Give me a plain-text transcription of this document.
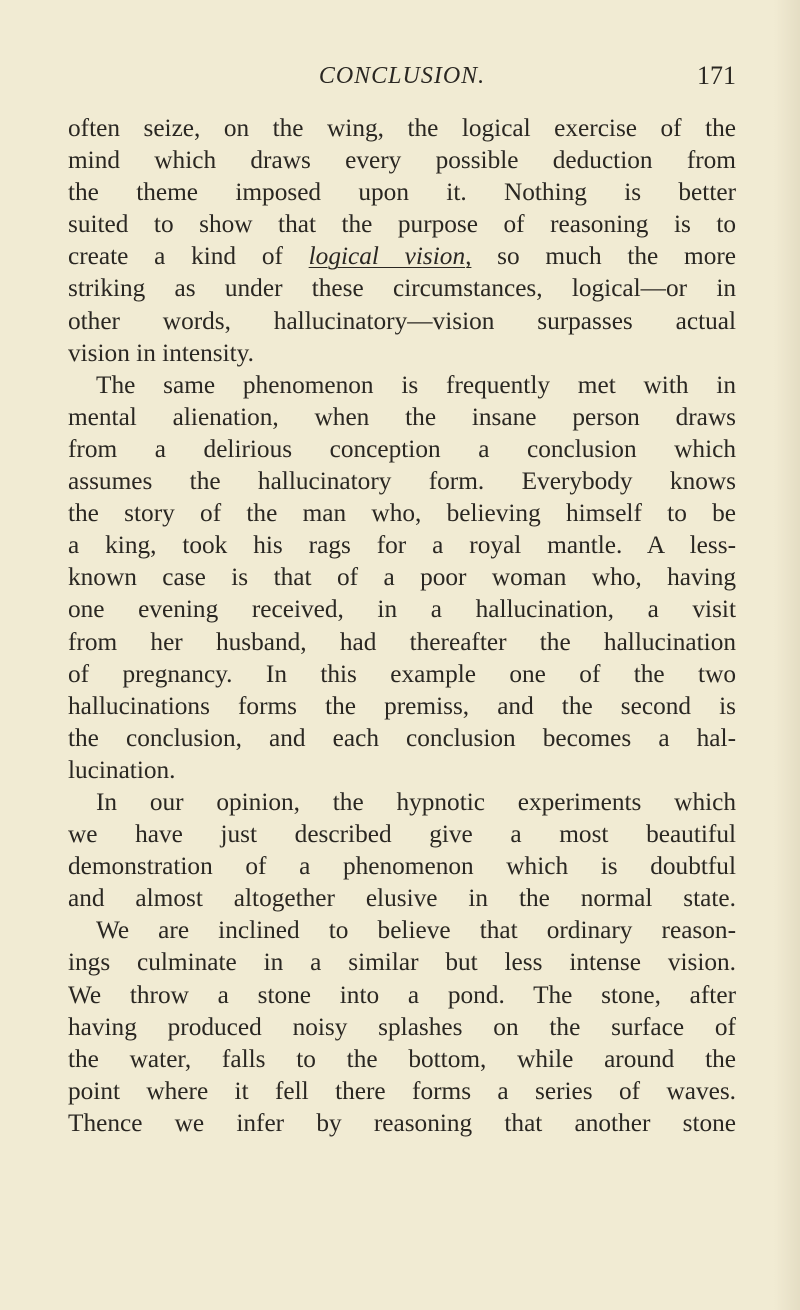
CONCLUSION.	171
often seize, on the wing, the logical exercise of the
mind which draws every possible deduction from
the theme imposed upon it. Nothing is better
suited to show that the purpose of reasoning is to
create a kind of logical vision, so much the more
striking as under these circumstances, logical—or in
other words, hallucinatory—vision surpasses actual
vision in intensity.
The same phenomenon is frequently met with in
mental alienation, when the insane person draws
from a delirious conception a conclusion which
assumes the hallucinatory form. Everybody knows
the story of the man who, believing himself to be
a king, took his rags for a royal mantle. A less-
known case is that of a poor woman who, having
one evening received, in a hallucination, a visit
from her husband, had thereafter the hallucination
of pregnancy. In this example one of the two
hallucinations forms the premiss, and the second is
the conclusion, and each conclusion becomes a hal-
lucination.
In our opinion, the hypnotic experiments which
we have just described give a most beautiful
demonstration of a phenomenon which is doubtful
and almost altogether elusive in the normal state.
We are inclined to believe that ordinary reason-
ings culminate in a similar but less intense vision.
We throw a stone into a pond. The stone, after
having produced noisy splashes on the surface of
the water, falls to the bottom, while around the
point where it fell there forms a series of waves.
Thence we infer by reasoning that another stone
